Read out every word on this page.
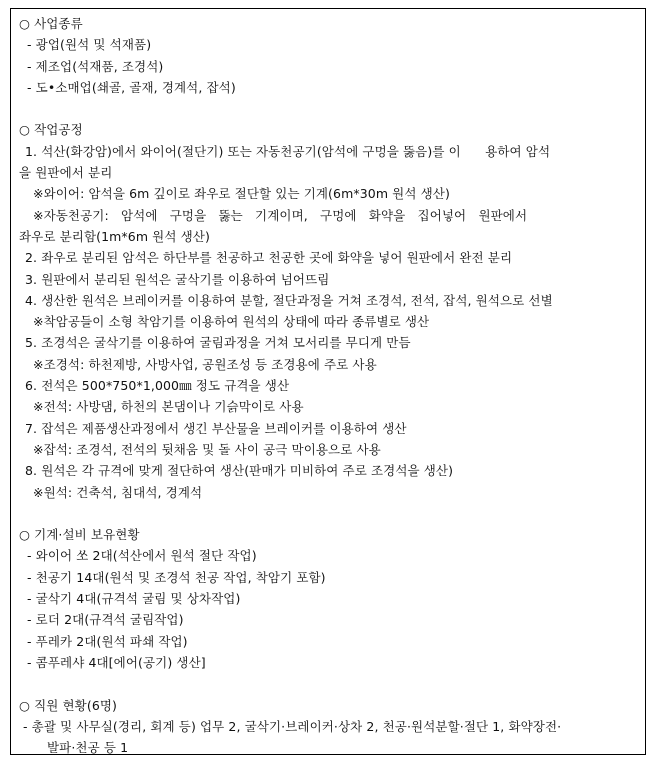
○ 사업종류
- 광업(원석 및 석재품)
- 제조업(석재품, 조경석)
- 도•소매업(쇄골, 골재, 경계석, 잡석)
○ 작업공정
1. 석산(화강암)에서 와이어(절단기) 또는 자동천공기(암석에 구멍을 뚫음)를 이      용하여 암석
을 원판에서 분리
※와이어: 암석을 6m 깊이로 좌우로 절단할 있는 기계(6m*30m 원석 생산)
※자동천공기:   암석에   구멍을   뚫는   기계이며,   구멍에   화약을   집어넣어   원판에서
좌우로 분리함(1m*6m 원석 생산)
2. 좌우로 분리된 암석은 하단부를 천공하고 천공한 곳에 화약을 넣어 원판에서 완전 분리
3. 원판에서 분리된 원석은 굴삭기를 이용하여 넘어뜨림
4. 생산한 원석은 브레이커를 이용하여 분할, 절단과정을 거쳐 조경석, 전석, 잡석, 원석으로 선별
※착암공들이 소형 착암기를 이용하여 원석의 상태에 따라 종류별로 생산
5. 조경석은 굴삭기를 이용하여 굴림과정을 거쳐 모서리를 무디게 만듬
※조경석: 하천제방, 사방사업, 공원조성 등 조경용에 주로 사용
6. 전석은 500*750*1,000㎜ 정도 규격을 생산
※전석: 사방댐, 하천의 본댐이나 기슭막이로 사용
7. 잡석은 제품생산과정에서 생긴 부산물을 브레이커를 이용하여 생산
※잡석: 조경석, 전석의 뒷채움 및 돌 사이 공극 막이용으로 사용
8. 원석은 각 규격에 맞게 절단하여 생산(판매가 미비하여 주로 조경석을 생산)
※원석: 건축석, 침대석, 경계석
○ 기계·설비 보유현황
- 와이어 쏘 2대(석산에서 원석 절단 작업)
- 천공기 14대(원석 및 조경석 천공 작업, 착암기 포함)
- 굴삭기 4대(규격석 굴림 및 상차작업)
- 로더 2대(규격석 굴림작업)
- 푸레카 2대(원석 파쇄 작업)
- 콤푸레샤 4대[에어(공기) 생산]
○ 직원 현황(6명)
- 총괄 및 사무실(경리, 회계 등) 업무 2, 굴삭기·브레이커·상차 2, 천공·원석분할·절단 1, 화약장전·
발파·천공 등 1
